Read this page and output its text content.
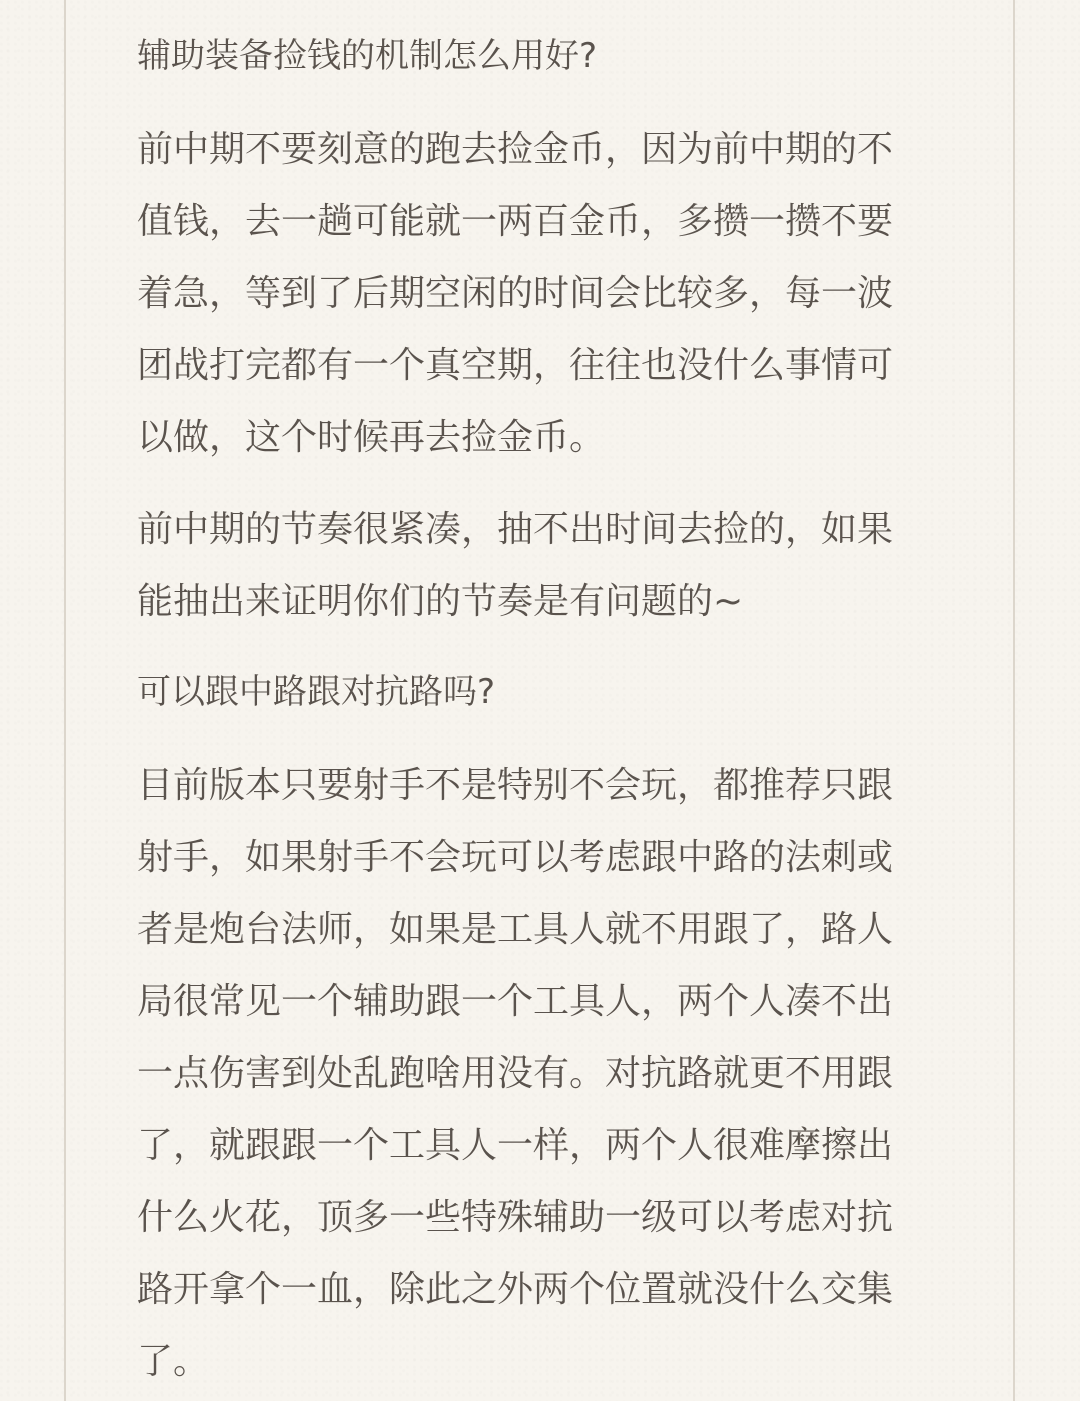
辅助装备捡钱的机制怎么用好?

前中期不要刻意的跑去捡金币，因为前中期的不
值钱，去一趟可能就一两百金币，多攒一攒不要
着急，等到了后期空闲的时间会比较多，每一波
团战打完都有一个真空期，往往也没什么事情可
以做，这个时候再去捡金币。

前中期的节奏很紧凑，抽不出时间去捡的，如果
能抽出来证明你们的节奏是有问题的~

可以跟中路跟对抗路吗?

目前版本只要射手不是特别不会玩，都推荐只跟
射手，如果射手不会玩可以考虑跟中路的法刺或
者是炮台法师，如果是工具人就不用跟了，路人
局很常见一个辅助跟一个工具人，两个人凑不出
一点伤害到处乱跑啥用没有。对抗路就更不用跟
了，就跟跟一个工具人一样，两个人很难摩擦出
什么火花，顶多一些特殊辅助一级可以考虑对抗
路开拿个一血，除此之外两个位置就没什么交集
了。
